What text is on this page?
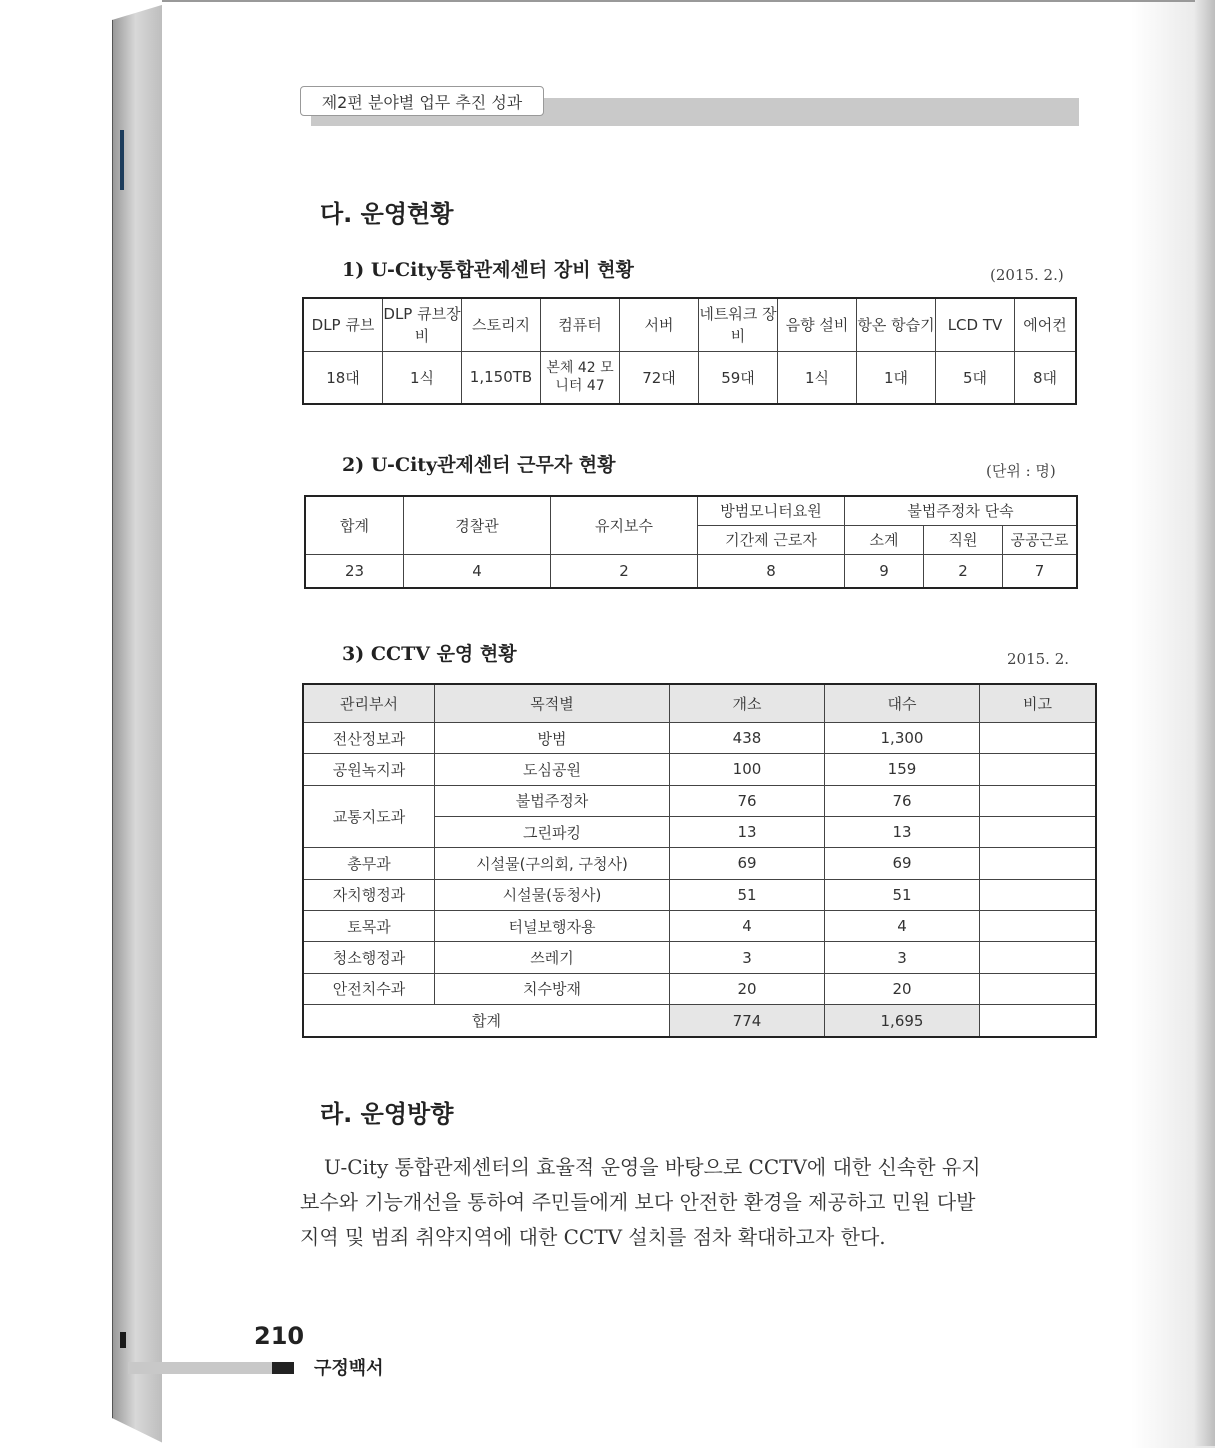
제2편 분야별 업무 추진 성과
다. 운영현황
1) U-City통합관제센터 장비 현황	(2015. 2.)
DLP 큐브	DLP 큐브장비	스토리지	컴퓨터	서버	네트워크 장비	음향 설비	항온 항습기	LCD TV	에어컨
18대	1식	1,150TB	본체 42 모니터 47	72대	59대	1식	1대	5대	8대
2) U-City관제센터 근무자 현황	(단위 : 명)
합계	경찰관	유지보수	방범모니터요원	불법주정차 단속		
			기간제 근로자	소계	직원	공공근로
23	4	2	8	9	2	7
3) CCTV 운영 현황	2015. 2.
관리부서	목적별	개소	대수	비고
전산정보과	방범	438	1,300	
공원녹지과	도심공원	100	159	
교통지도과	불법주정차	76	76	
	그린파킹	13	13	
총무과	시설물(구의회, 구청사)	69	69	
자치행정과	시설물(동청사)	51	51	
토목과	터널보행자용	4	4	
청소행정과	쓰레기	3	3	
안전치수과	치수방재	20	20	
합계		774	1,695	
라. 운영방향
U-City 통합관제센터의 효율적 운영을 바탕으로 CCTV에 대한 신속한 유지
보수와 기능개선을 통하여 주민들에게 보다 안전한 환경을 제공하고 민원 다발
지역 및 범죄 취약지역에 대한 CCTV 설치를 점차 확대하고자 한다.
210
구정백서
